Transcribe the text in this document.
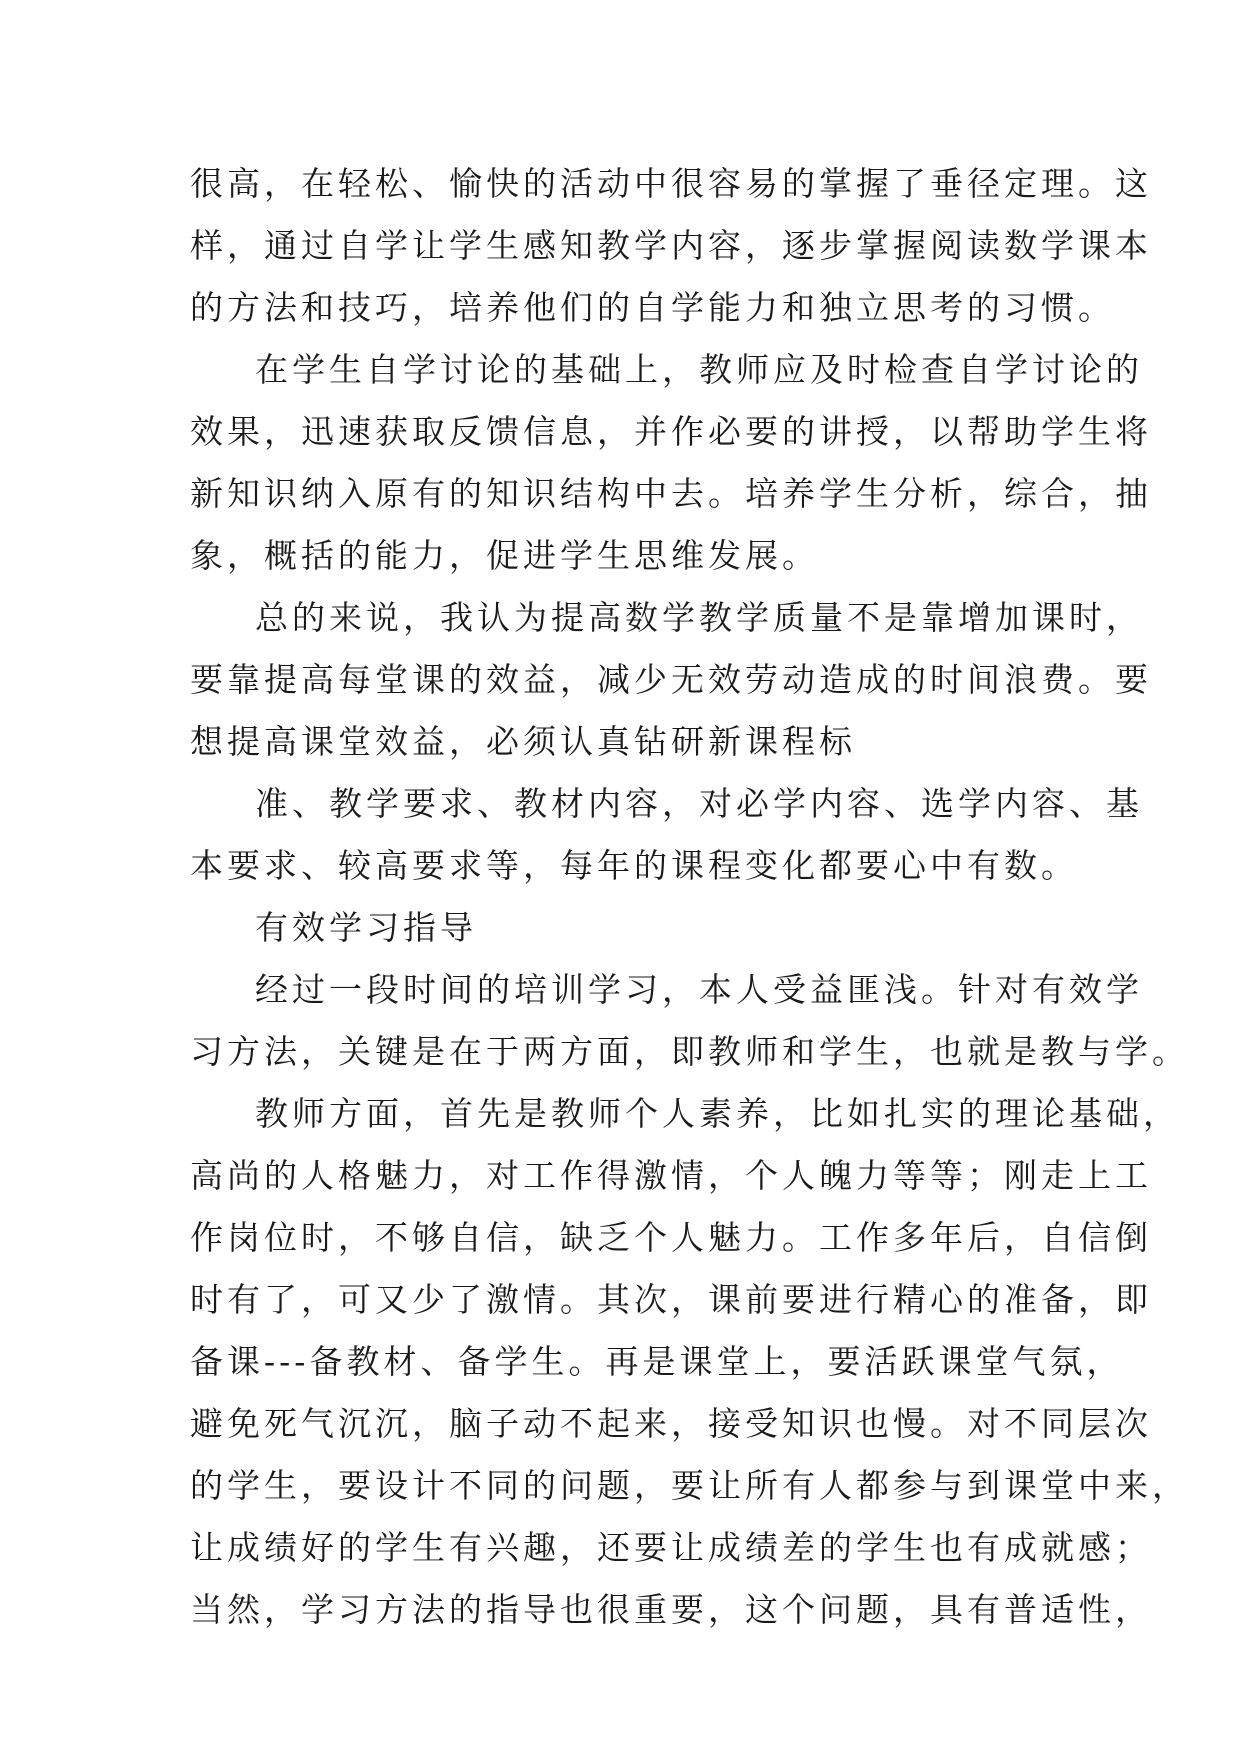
很高，在轻松、愉快的活动中很容易的掌握了垂径定理。这
样，通过自学让学生感知教学内容，逐步掌握阅读数学课本
的方法和技巧，培养他们的自学能力和独立思考的习惯。
在学生自学讨论的基础上，教师应及时检查自学讨论的
效果，迅速获取反馈信息，并作必要的讲授，以帮助学生将
新知识纳入原有的知识结构中去。培养学生分析，综合，抽
象，概括的能力，促进学生思维发展。
总的来说，我认为提高数学教学质量不是靠增加课时，
要靠提高每堂课的效益，减少无效劳动造成的时间浪费。要
想提高课堂效益，必须认真钻研新课程标
准、教学要求、教材内容，对必学内容、选学内容、基
本要求、较高要求等，每年的课程变化都要心中有数。
有效学习指导
经过一段时间的培训学习，本人受益匪浅。针对有效学
习方法，关键是在于两方面，即教师和学生，也就是教与学。
教师方面，首先是教师个人素养，比如扎实的理论基础，
高尚的人格魅力，对工作得激情，个人魄力等等；刚走上工
作岗位时，不够自信，缺乏个人魅力。工作多年后，自信倒
时有了，可又少了激情。其次，课前要进行精心的准备，即
备课---备教材、备学生。再是课堂上，要活跃课堂气氛，
避免死气沉沉，脑子动不起来，接受知识也慢。对不同层次
的学生，要设计不同的问题，要让所有人都参与到课堂中来，
让成绩好的学生有兴趣，还要让成绩差的学生也有成就感；
当然，学习方法的指导也很重要，这个问题，具有普适性，
